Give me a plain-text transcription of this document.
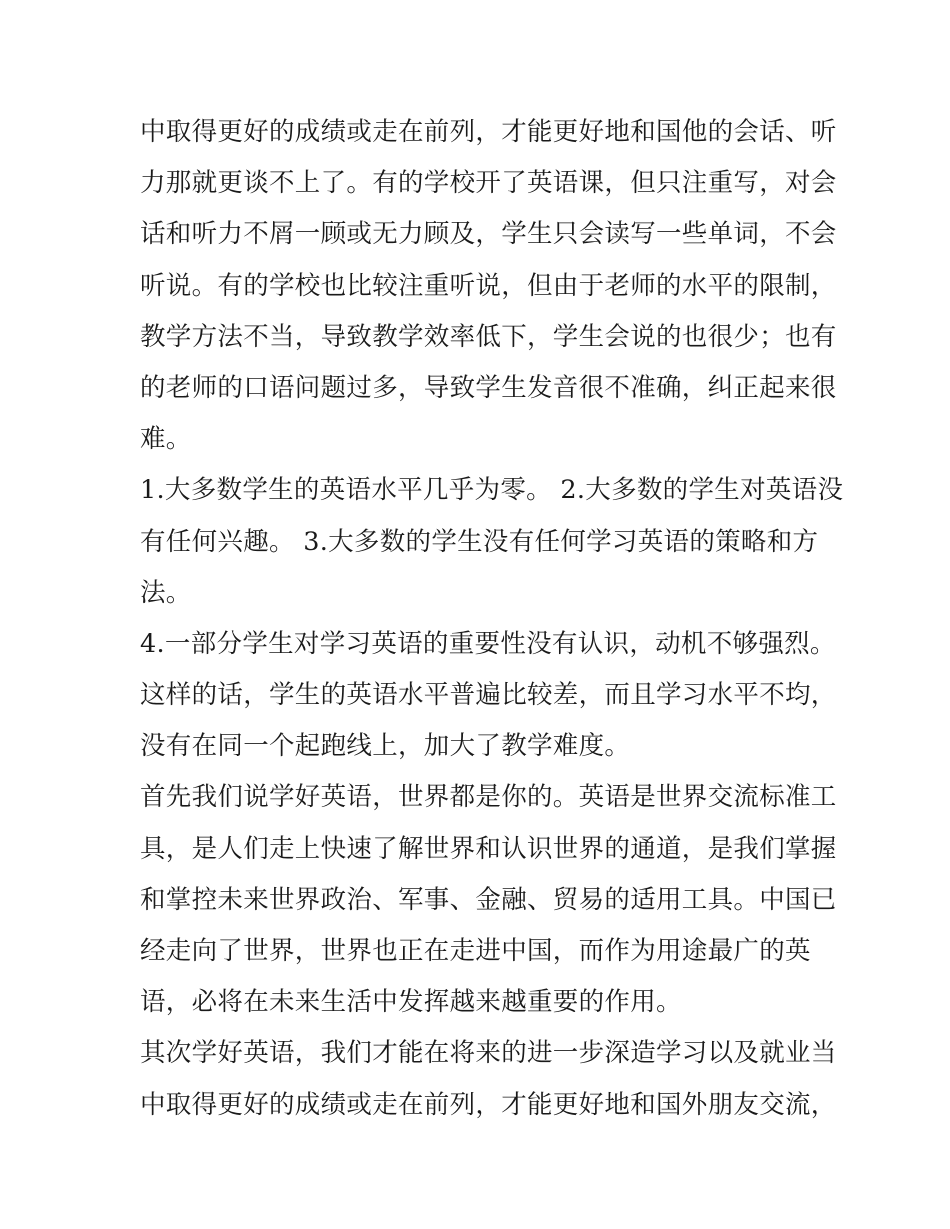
中取得更好的成绩或走在前列，才能更好地和国他的会话、听
力那就更谈不上了。有的学校开了英语课，但只注重写，对会
话和听力不屑一顾或无力顾及，学生只会读写一些单词，不会
听说。有的学校也比较注重听说，但由于老师的水平的限制，
教学方法不当，导致教学效率低下，学生会说的也很少；也有
的老师的口语问题过多，导致学生发音很不准确，纠正起来很
难。
1.大多数学生的英语水平几乎为零。 2.大多数的学生对英语没
有任何兴趣。 3.大多数的学生没有任何学习英语的策略和方
法。
4.一部分学生对学习英语的重要性没有认识，动机不够强烈。
这样的话，学生的英语水平普遍比较差，而且学习水平不均，
没有在同一个起跑线上，加大了教学难度。
首先我们说学好英语，世界都是你的。英语是世界交流标准工
具，是人们走上快速了解世界和认识世界的通道，是我们掌握
和掌控未来世界政治、军事、金融、贸易的适用工具。中国已
经走向了世界，世界也正在走进中国，而作为用途最广的英
语，必将在未来生活中发挥越来越重要的作用。
其次学好英语，我们才能在将来的进一步深造学习以及就业当
中取得更好的成绩或走在前列，才能更好地和国外朋友交流，
